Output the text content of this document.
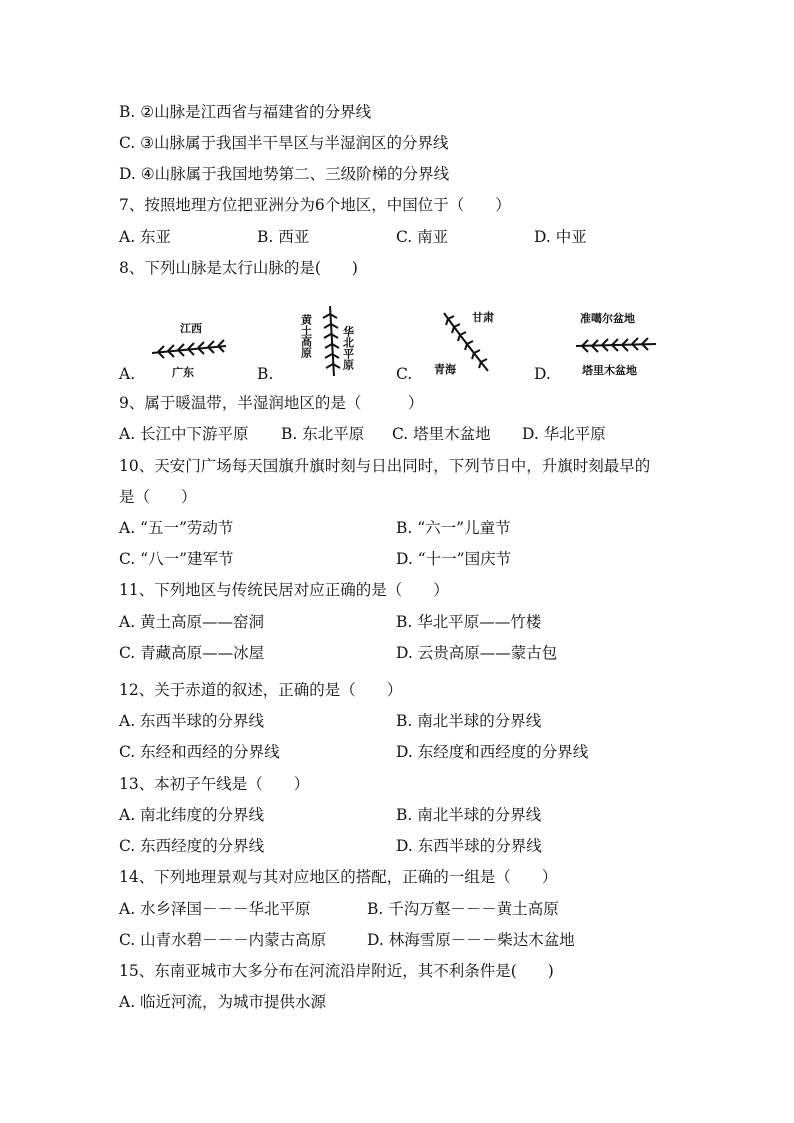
B. ②山脉是江西省与福建省的分界线
C. ③山脉属于我国半干旱区与半湿润区的分界线
D. ④山脉属于我国地势第二、三级阶梯的分界线
7、按照地理方位把亚洲分为6个地区，中国位于（　　）
A. 东亚	B. 西亚	C. 南亚	D. 中亚
8、下列山脉是太行山脉的是(　　)
A.
江西
广东	B.
黄土高原	华北平原
C.
甘肃
青海	D.
准噶尔盆地
塔里木盆地
9、属于暖温带，半湿润地区的是（　　　）
A. 长江中下游平原 B. 东北平原 C. 塔里木盆地 D. 华北平原
10、天安门广场每天国旗升旗时刻与日出同时，下列节日中，升旗时刻最早的
是（　　）
A. “五一”劳动节	B. “六一”儿童节
C. “八一”建军节	D. “十一”国庆节
11、下列地区与传统民居对应正确的是（　　）
A. 黄土高原——窑洞	B. 华北平原——竹楼
C. 青藏高原——冰屋	D. 云贵高原——蒙古包
12、关于赤道的叙述，正确的是（　　）
A. 东西半球的分界线	B. 南北半球的分界线
C. 东经和西经的分界线	D. 东经度和西经度的分界线
13、本初子午线是（　　）
A. 南北纬度的分界线	B. 南北半球的分界线
C. 东西经度的分界线	D. 东西半球的分界线
14、下列地理景观与其对应地区的搭配，正确的一组是（　　）
A. 水乡泽国－－－华北平原	B. 千沟万壑－－－黄土高原
C. 山青水碧－－－内蒙古高原	D. 林海雪原－－－柴达木盆地
15、东南亚城市大多分布在河流沿岸附近，其不利条件是(　　)
A. 临近河流，为城市提供水源
